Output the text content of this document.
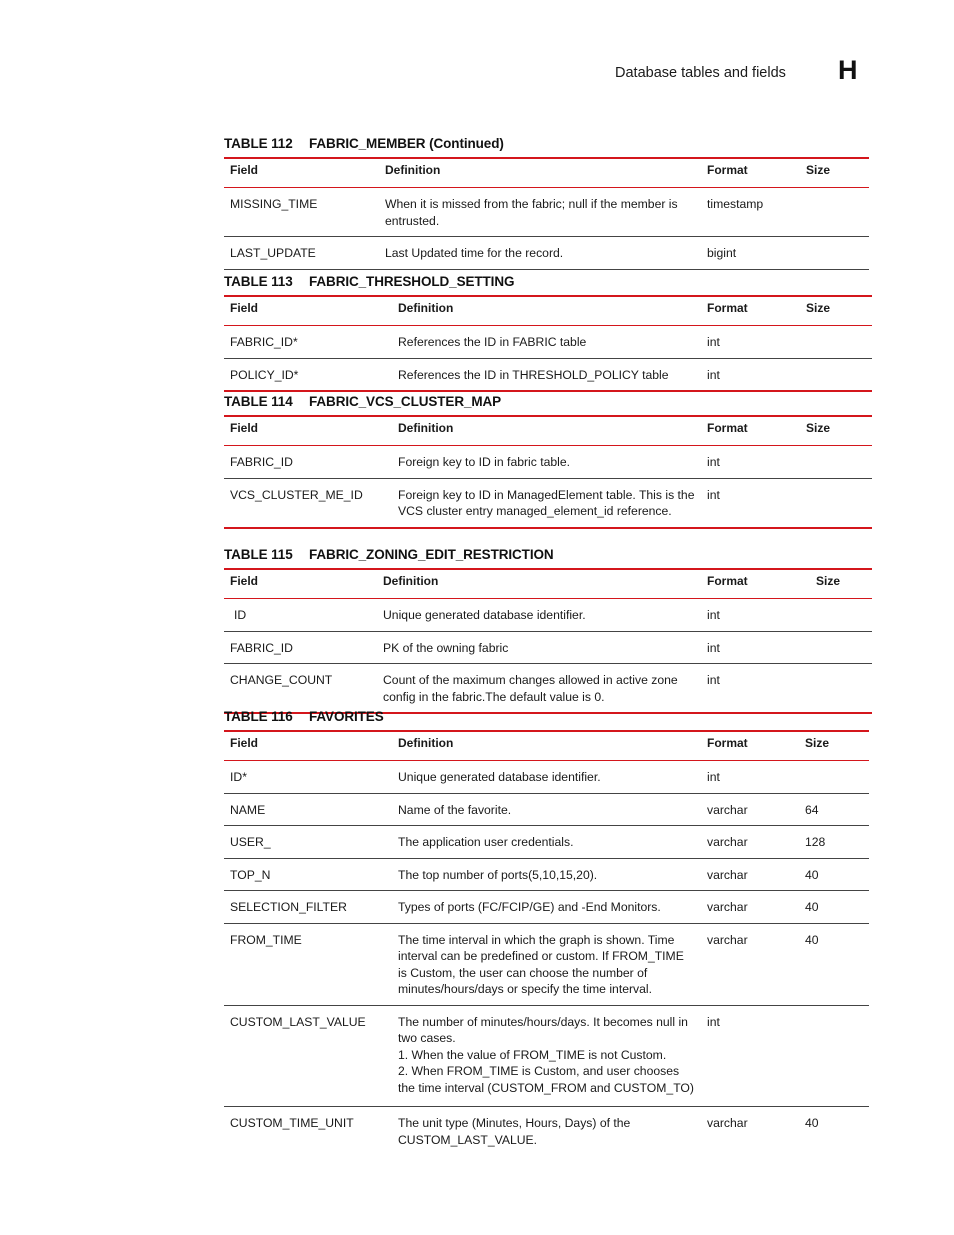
Database tables and fields H
TABLE 112 FABRIC_MEMBER (Continued)
Field	Definition	Format	Size
MISSING_TIME	When it is missed from the fabric; null if the member is entrusted.	timestamp	
LAST_UPDATE	Last Updated time for the record.	bigint	
TABLE 113 FABRIC_THRESHOLD_SETTING
Field	Definition	Format	Size
FABRIC_ID*	References the ID in FABRIC table	int	
POLICY_ID*	References the ID in THRESHOLD_POLICY table	int	
TABLE 114 FABRIC_VCS_CLUSTER_MAP
Field	Definition	Format	Size
FABRIC_ID	Foreign key to ID in fabric table.	int	
VCS_CLUSTER_ME_ID	Foreign key to ID in ManagedElement table. This is the VCS cluster entry managed_element_id reference.	int	
TABLE 115 FABRIC_ZONING_EDIT_RESTRICTION
Field	Definition	Format	Size
ID	Unique generated database identifier.	int	
FABRIC_ID	PK of the owning fabric	int	
CHANGE_COUNT	Count of the maximum changes allowed in active zone config in the fabric.The default value is 0.	int	
TABLE 116 FAVORITES
Field	Definition	Format	Size
ID*	Unique generated database identifier.	int	
NAME	Name of the favorite.	varchar	64
USER_	The application user credentials.	varchar	128
TOP_N	The top number of ports(5,10,15,20).	varchar	40
SELECTION_FILTER	Types of ports (FC/FCIP/GE) and -End Monitors.	varchar	40
FROM_TIME	The time interval in which the graph is shown. Time interval can be predefined or custom. If FROM_TIME is Custom, the user can choose the number of minutes/hours/days or specify the time interval.	varchar	40
CUSTOM_LAST_VALUE	The number of minutes/hours/days. It becomes null in two cases.
1. When the value of FROM_TIME is not Custom.
2. When FROM_TIME is Custom, and user chooses the time interval (CUSTOM_FROM and CUSTOM_TO)	int	
CUSTOM_TIME_UNIT	The unit type (Minutes, Hours, Days) of the CUSTOM_LAST_VALUE.	varchar	40
